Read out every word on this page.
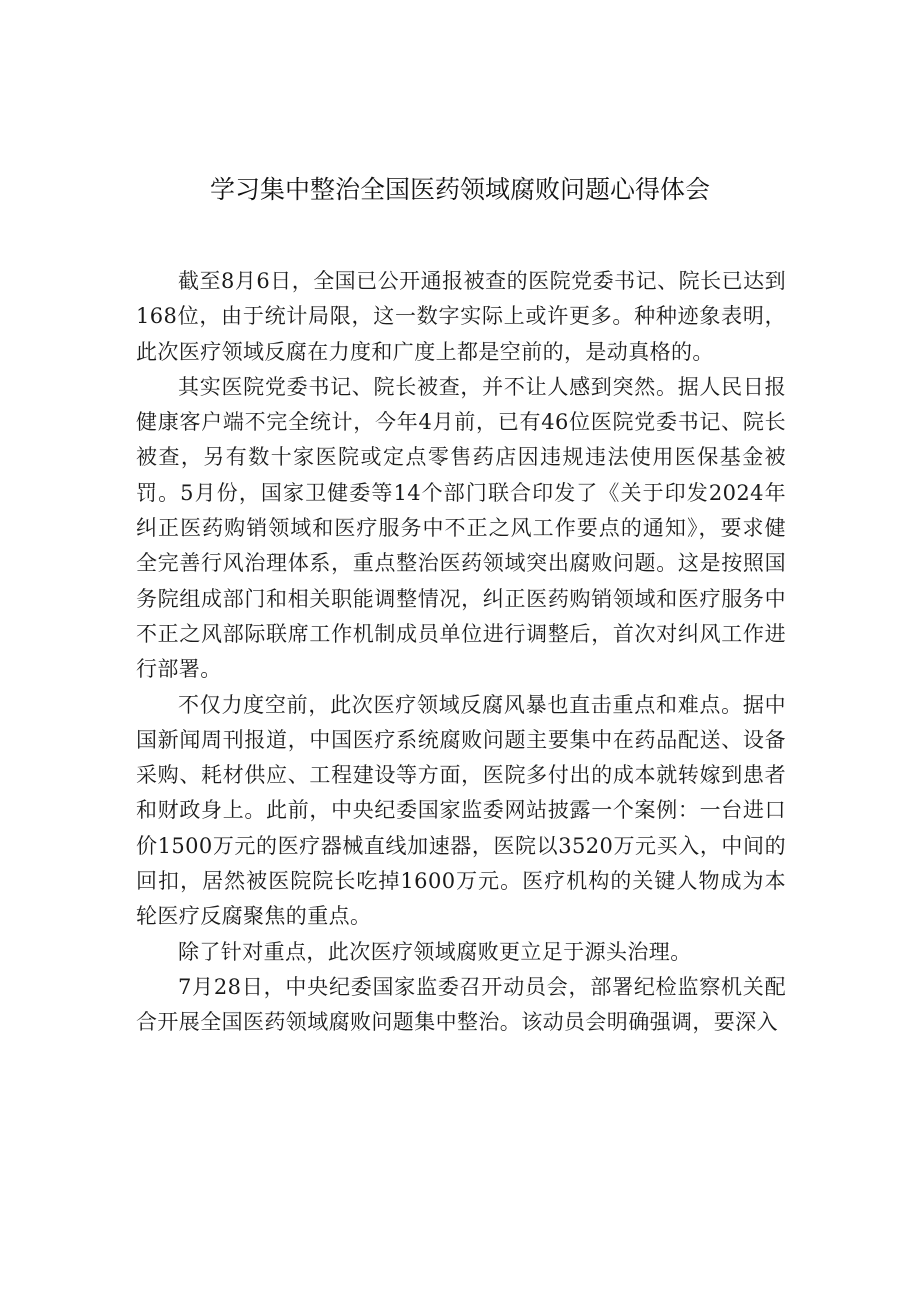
学习集中整治全国医药领域腐败问题心得体会

截至8月6日，全国已公开通报被查的医院党委书记、院长已达到168位，由于统计局限，这一数字实际上或许更多。种种迹象表明，此次医疗领域反腐在力度和广度上都是空前的，是动真格的。

其实医院党委书记、院长被查，并不让人感到突然。据人民日报健康客户端不完全统计，今年4月前，已有46位医院党委书记、院长被查，另有数十家医院或定点零售药店因违规违法使用医保基金被罚。5月份，国家卫健委等14个部门联合印发了《关于印发2024年纠正医药购销领域和医疗服务中不正之风工作要点的通知》，要求健全完善行风治理体系，重点整治医药领域突出腐败问题。这是按照国务院组成部门和相关职能调整情况，纠正医药购销领域和医疗服务中不正之风部际联席工作机制成员单位进行调整后，首次对纠风工作进行部署。

不仅力度空前，此次医疗领域反腐风暴也直击重点和难点。据中国新闻周刊报道，中国医疗系统腐败问题主要集中在药品配送、设备采购、耗材供应、工程建设等方面，医院多付出的成本就转嫁到患者和财政身上。此前，中央纪委国家监委网站披露一个案例：一台进口价1500万元的医疗器械直线加速器，医院以3520万元买入，中间的回扣，居然被医院院长吃掉1600万元。医疗机构的关键人物成为本轮医疗反腐聚焦的重点。

除了针对重点，此次医疗领域腐败更立足于源头治理。

7月28日，中央纪委国家监委召开动员会，部署纪检监察机关配合开展全国医药领域腐败问题集中整治。该动员会明确强调，要深入
